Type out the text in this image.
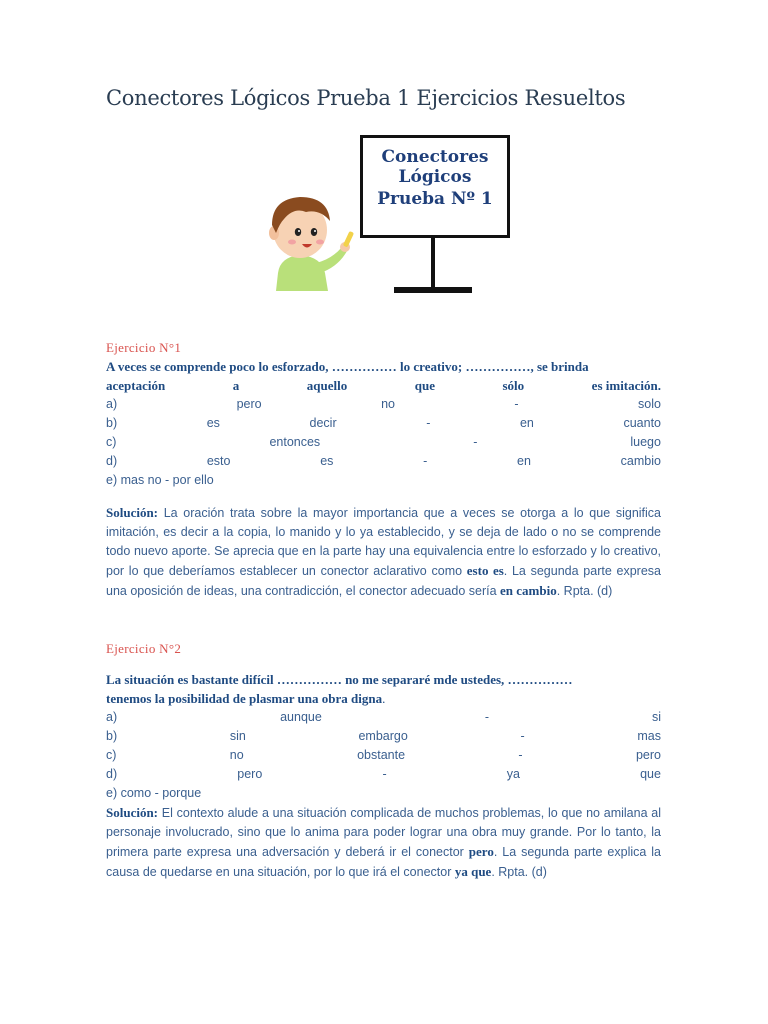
Conectores Lógicos Prueba 1 Ejercicios Resueltos
Conectores
Lógicos
Prueba Nº 1
Ejercicio N°1
A veces se comprende poco lo esforzado, …………… lo creativo; ……………, se brinda
aceptación	a	aquello	que	sólo	es imitación.
a)	pero	no	-	solo
b)	es	decir	-	en	cuanto
c)	entonces	-	luego
d)	esto	es	-	en	cambio
e) mas no - por ello
Solución: La oración trata sobre la mayor importancia que a veces se otorga a lo que significa imitación, es decir a la copia, lo manido y lo ya establecido, y se deja de lado o no se comprende todo nuevo aporte. Se aprecia que en la parte hay una equivalencia entre lo esforzado y lo creativo, por lo que deberíamos establecer un conector aclarativo como esto es. La segunda parte expresa una oposición de ideas, una contradicción, el conector adecuado sería en cambio. Rpta. (d)
Ejercicio N°2
La situación es bastante difícil …………… no me separaré mde ustedes, ……………
tenemos la posibilidad de plasmar una obra digna.
a)	aunque	-	si
b)	sin	embargo	-	mas
c)	no	obstante	-	pero
d)	pero	-	ya	que
e) como - porque
Solución: El contexto alude a una situación complicada de muchos problemas, lo que no amilana al personaje involucrado, sino que lo anima para poder lograr una obra muy grande. Por lo tanto, la primera parte expresa una adversación y deberá ir el conector pero. La segunda parte explica la causa de quedarse en una situación, por lo que irá el conector ya que. Rpta. (d)
